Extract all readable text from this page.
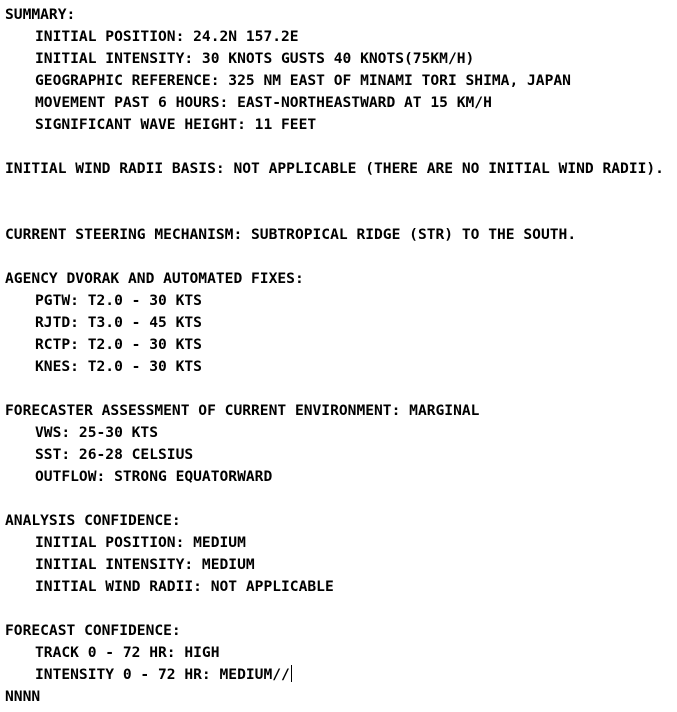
SUMMARY:
INITIAL POSITION: 24.2N 157.2E
INITIAL INTENSITY: 30 KNOTS GUSTS 40 KNOTS(75KM/H)
GEOGRAPHIC REFERENCE: 325 NM EAST OF MINAMI TORI SHIMA, JAPAN
MOVEMENT PAST 6 HOURS: EAST-NORTHEASTWARD AT 15 KM/H
SIGNIFICANT WAVE HEIGHT: 11 FEET
INITIAL WIND RADII BASIS: NOT APPLICABLE (THERE ARE NO INITIAL WIND RADII).
CURRENT STEERING MECHANISM: SUBTROPICAL RIDGE (STR) TO THE SOUTH.
AGENCY DVORAK AND AUTOMATED FIXES:
PGTW: T2.0 - 30 KTS
RJTD: T3.0 - 45 KTS
RCTP: T2.0 - 30 KTS
KNES: T2.0 - 30 KTS
FORECASTER ASSESSMENT OF CURRENT ENVIRONMENT: MARGINAL
VWS: 25-30 KTS
SST: 26-28 CELSIUS
OUTFLOW: STRONG EQUATORWARD
ANALYSIS CONFIDENCE:
INITIAL POSITION: MEDIUM
INITIAL INTENSITY: MEDIUM
INITIAL WIND RADII: NOT APPLICABLE
FORECAST CONFIDENCE:
TRACK 0 - 72 HR: HIGH
INTENSITY 0 - 72 HR: MEDIUM//
NNNN
